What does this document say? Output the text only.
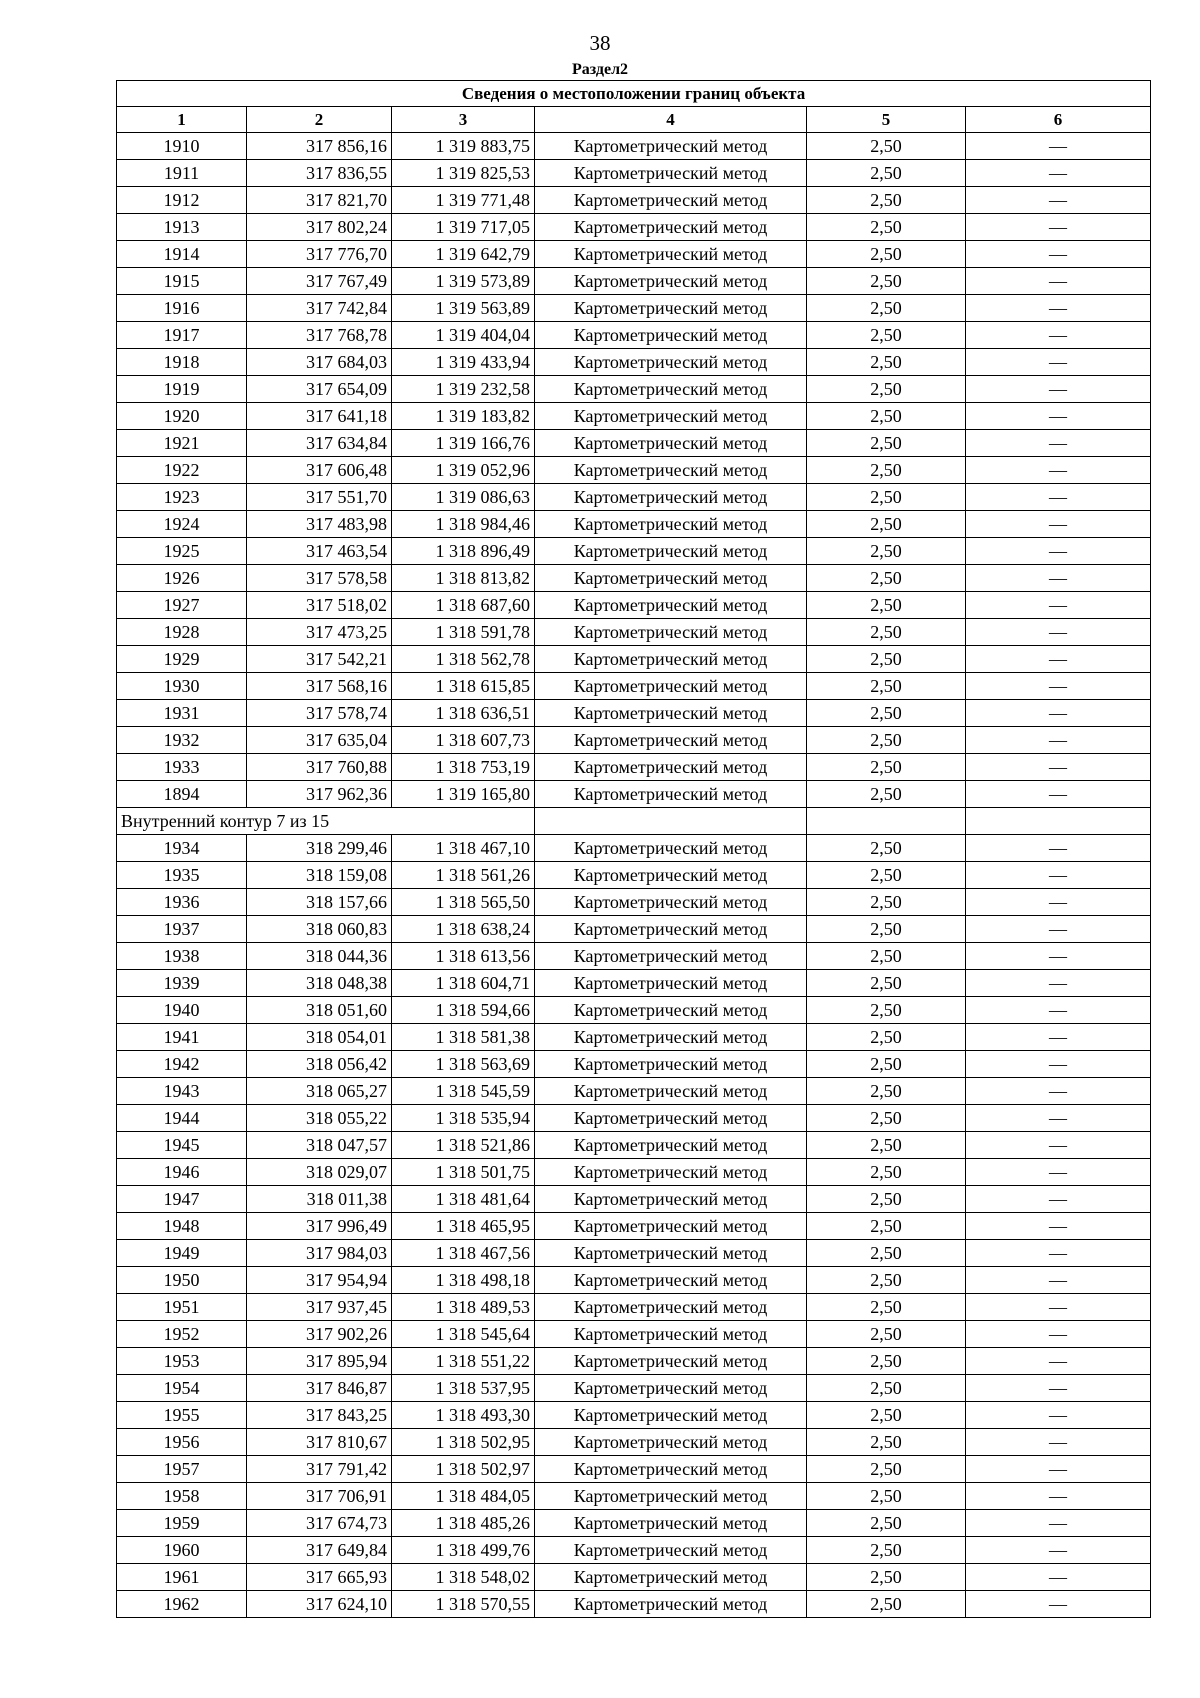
38
Раздел2
Сведения о местоположении границ объекта					
1	2	3	4	5	6
1910	317 856,16	1 319 883,75	Картометрический метод	2,50	—
1911	317 836,55	1 319 825,53	Картометрический метод	2,50	—
1912	317 821,70	1 319 771,48	Картометрический метод	2,50	—
1913	317 802,24	1 319 717,05	Картометрический метод	2,50	—
1914	317 776,70	1 319 642,79	Картометрический метод	2,50	—
1915	317 767,49	1 319 573,89	Картометрический метод	2,50	—
1916	317 742,84	1 319 563,89	Картометрический метод	2,50	—
1917	317 768,78	1 319 404,04	Картометрический метод	2,50	—
1918	317 684,03	1 319 433,94	Картометрический метод	2,50	—
1919	317 654,09	1 319 232,58	Картометрический метод	2,50	—
1920	317 641,18	1 319 183,82	Картометрический метод	2,50	—
1921	317 634,84	1 319 166,76	Картометрический метод	2,50	—
1922	317 606,48	1 319 052,96	Картометрический метод	2,50	—
1923	317 551,70	1 319 086,63	Картометрический метод	2,50	—
1924	317 483,98	1 318 984,46	Картометрический метод	2,50	—
1925	317 463,54	1 318 896,49	Картометрический метод	2,50	—
1926	317 578,58	1 318 813,82	Картометрический метод	2,50	—
1927	317 518,02	1 318 687,60	Картометрический метод	2,50	—
1928	317 473,25	1 318 591,78	Картометрический метод	2,50	—
1929	317 542,21	1 318 562,78	Картометрический метод	2,50	—
1930	317 568,16	1 318 615,85	Картометрический метод	2,50	—
1931	317 578,74	1 318 636,51	Картометрический метод	2,50	—
1932	317 635,04	1 318 607,73	Картометрический метод	2,50	—
1933	317 760,88	1 318 753,19	Картометрический метод	2,50	—
1894	317 962,36	1 319 165,80	Картометрический метод	2,50	—
Внутренний контур 7 из 15					
1934	318 299,46	1 318 467,10	Картометрический метод	2,50	—
1935	318 159,08	1 318 561,26	Картометрический метод	2,50	—
1936	318 157,66	1 318 565,50	Картометрический метод	2,50	—
1937	318 060,83	1 318 638,24	Картометрический метод	2,50	—
1938	318 044,36	1 318 613,56	Картометрический метод	2,50	—
1939	318 048,38	1 318 604,71	Картометрический метод	2,50	—
1940	318 051,60	1 318 594,66	Картометрический метод	2,50	—
1941	318 054,01	1 318 581,38	Картометрический метод	2,50	—
1942	318 056,42	1 318 563,69	Картометрический метод	2,50	—
1943	318 065,27	1 318 545,59	Картометрический метод	2,50	—
1944	318 055,22	1 318 535,94	Картометрический метод	2,50	—
1945	318 047,57	1 318 521,86	Картометрический метод	2,50	—
1946	318 029,07	1 318 501,75	Картометрический метод	2,50	—
1947	318 011,38	1 318 481,64	Картометрический метод	2,50	—
1948	317 996,49	1 318 465,95	Картометрический метод	2,50	—
1949	317 984,03	1 318 467,56	Картометрический метод	2,50	—
1950	317 954,94	1 318 498,18	Картометрический метод	2,50	—
1951	317 937,45	1 318 489,53	Картометрический метод	2,50	—
1952	317 902,26	1 318 545,64	Картометрический метод	2,50	—
1953	317 895,94	1 318 551,22	Картометрический метод	2,50	—
1954	317 846,87	1 318 537,95	Картометрический метод	2,50	—
1955	317 843,25	1 318 493,30	Картометрический метод	2,50	—
1956	317 810,67	1 318 502,95	Картометрический метод	2,50	—
1957	317 791,42	1 318 502,97	Картометрический метод	2,50	—
1958	317 706,91	1 318 484,05	Картометрический метод	2,50	—
1959	317 674,73	1 318 485,26	Картометрический метод	2,50	—
1960	317 649,84	1 318 499,76	Картометрический метод	2,50	—
1961	317 665,93	1 318 548,02	Картометрический метод	2,50	—
1962	317 624,10	1 318 570,55	Картометрический метод	2,50	—
